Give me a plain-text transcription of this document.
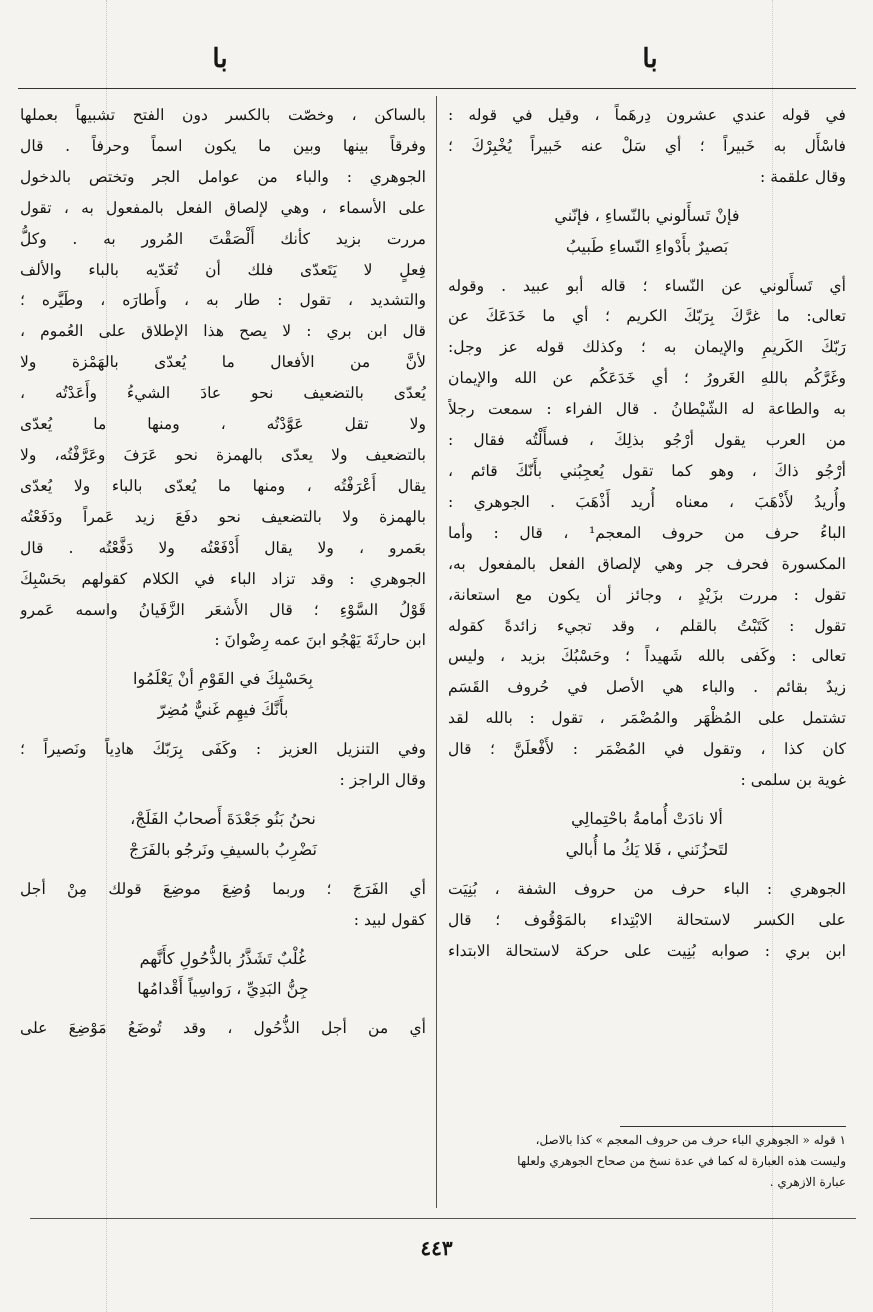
با
با

في قوله عندي عشرون دِرهَماً ، وقيل في قوله :

فاسْأَل به خَبيراً ؛ أي سَلْ عنه خَبيراً يُخْبِرْكَ ؛

وقال علقمة :

فإنْ تَسأَلوني بالنّساءِ ، فإنّني

بَصيرٌ بأَدْواءِ النّساءِ طَبيبُ

أي تَسأَلوني عن النّساء ؛ قاله أبو عبيد . وقوله

تعالى: ما غرَّكَ بِرَبّكَ الكريم ؛ أي ما خَدَعَكَ عن

رَبّكَ الكَريمِ والإيمان به ؛ وكذلك قوله عز وجل:

وغَرَّكُم باللهِ الغَرورُ ؛ أي خَدَعَكُم عن الله والإيمان

به والطاعة له الشّيْطانُ . قال الفراء : سمعت رجلاً

من العرب يقول أرْجُو بذلِكَ ، فسأَلْتُه فقال :

أرْجُو ذاكَ ، وهو كما تقول يُعجِبُني بأَنّكَ قائم ،

وأُريدُ لأَذْهَبَ ، معناه أُريد أَذْهَبَ . الجوهري :

الباءُ حرف من حروف المعجم¹ ، قال : وأما

المكسورة فحرف جر وهي لإلصاق الفعل بالمفعول به،

تقول : مررت بزَيْدٍ ، وجائز أن يكون مع استعانة،

تقول : كَتَبْتُ بالقلم ، وقد تجيء زائدةً كقوله

تعالى : وكَفى بالله شَهيداً ؛ وحَسْبُكَ بزيد ، وليس

زيدٌ بقائم . والباء هي الأصل في حُروف القَسَم

تشتمل على المُظْهَر والمُضْمَر ، تقول : بالله لقد

كان كذا ، وتقول في المُضْمَر : لأَفْعلَنَّ ؛ قال

غوية بن سلمى :

ألا نادَتْ أُمامةُ باحْتِمالِي

لتَحزُنَني ، فَلا يَكُ ما أُبالي

الجوهري : الباء حرف من حروف الشفة ، بُنِيَت

على الكسر لاستحالة الابْتِداء بالمَوْقُوف ؛ قال

ابن بري : صوابه بُنِيت على حركة لاستحالة الابتداء

١ قوله « الجوهري الباء حرف من حروف المعجم » كذا بالاصل،

وليست هذه العبارة له كما في عدة نسخ من صحاح الجوهري ولعلها

عبارة الازهري .

بالساكن ، وخصّت بالكسر دون الفتح تشبيهاً بعملها

وفرقاً بينها وبين ما يكون اسماً وحرفاً . قال

الجوهري : والباء من عوامل الجر وتختص بالدخول

على الأسماء ، وهي لإلصاق الفعل بالمفعول به ، تقول

مررت بزيد كأنك أَلْصَقْتَ المُرور به . وكلُّ

فِعلٍ لا يَتَعدّى فلك أن تُعَدّيه بالباء والألف

والتشديد ، تقول : طار به ، وأَطارَه ، وطَيَّره ؛

قال ابن بري : لا يصح هذا الإطلاق على العُموم ،

لأنَّ من الأفعال ما يُعدّى بالهَمْزة ولا

يُعدّى بالتضعيف نحو عادَ الشيءُ وأَعَدْتُه ،

ولا تقل عَوَّدْتُه ، ومنها ما يُعدّى

بالتضعيف ولا يعدّى بالهمزة نحو عَرَفَ وعَرَّفْتُه، ولا

يقال أَعْرَفْتُه ، ومنها ما يُعدّى بالباء ولا يُعدّى

بالهمزة ولا بالتضعيف نحو دفَعَ زيد عَمراً ودَفَعْتُه

بعَمرو ، ولا يقال أَدْفَعْتُه ولا دَفَّعْتُه . قال

الجوهري : وقد تزاد الباء في الكلام كقولهم بحَسْبِكَ

قَوْلُ السَّوْءِ ؛ قال الأَشعَر الزَّفَيانُ واسمه عَمرو

ابن حارثَةَ يَهْجُو ابنَ عمه رِضْوانَ :

بِحَسْبِكَ في القَوْمِ أنْ يَعْلَمُوا

بأَنَّكَ فيهِم غَنيٌّ مُضِرّ

وفي التنزيل العزيز : وكَفَى بِرَبّكَ هادِياً ونَصيراً ؛

وقال الراجز :

نحنُ بَنُو جَعْدَةَ أَصحابُ الفَلَجْ،

نَضْرِبُ بالسيفِ ونَرجُو بالفَرَجْ

أي الفَرَجَ ؛ وربما وُضِعَ موضِعَ قولك مِنْ أجل

كقول لبيد :

غُلْبٌ تَشَذَّرُ بالذُّحُولِ كأَنَّهم

جِنُّ البَدِيِّ ، رَواسِياً أَقْدامُها

أي من أجل الذُّحُول ، وقد تُوضَعُ مَوْضِعَ على

٤٤٣
